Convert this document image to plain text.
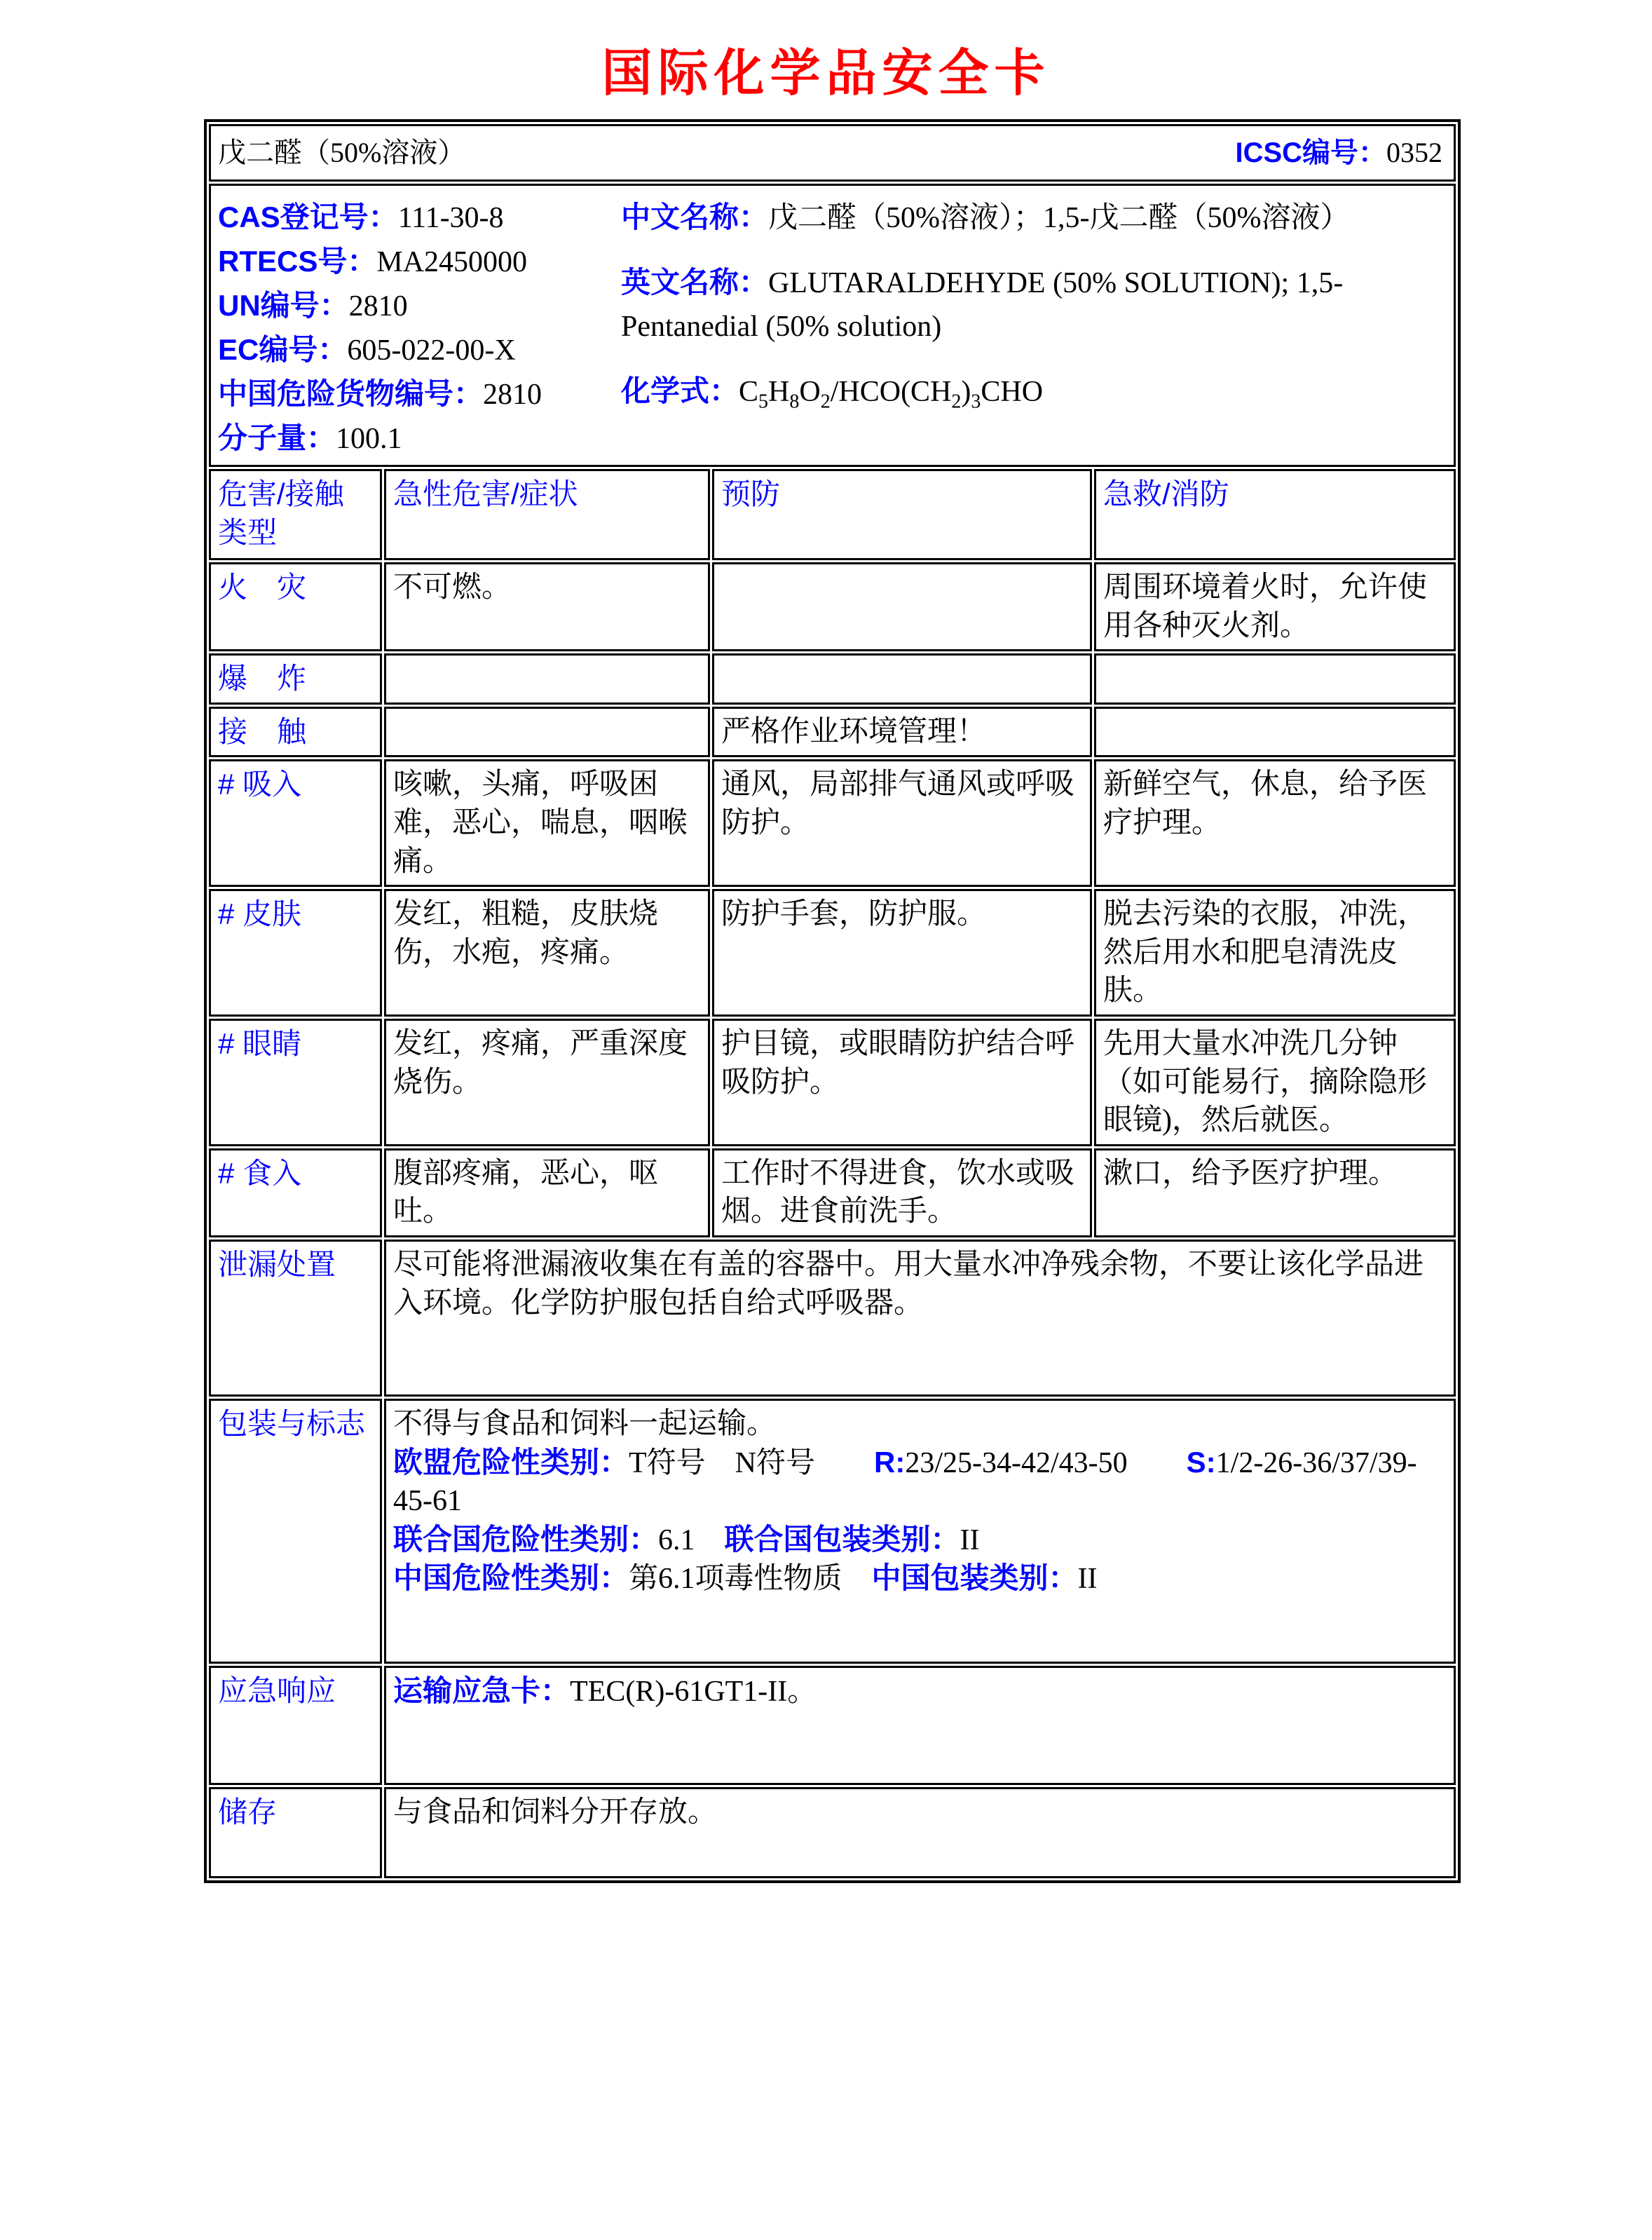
国际化学品安全卡
戊二醛（50%溶液） ICSC编号：0352			

CAS登记号：111-30-8
RTECS号：MA2450000
UN编号：2810
EC编号：605-022-00-X
中国危险货物编号：2810
分子量：100.1

中文名称：戊二醛（50%溶液）；1,5-戊二醛（50%溶液）

英文名称：GLUTARALDEHYDE (50% SOLUTION); 1,5-Pentanedial (50% solution)

化学式：$C_5H_8O_2/HCO(CH_2)_3CHO$

危害/接触类型	急性危害/症状	预防	急救/消防
火　灾	不可燃。		周围环境着火时，允许使用各种灭火剂。
爆　炸			
接　触		严格作业环境管理！	
# 吸入	咳嗽，头痛，呼吸困难，恶心，喘息，咽喉痛。	通风，局部排气通风或呼吸防护。	新鲜空气，休息，给予医疗护理。
# 皮肤	发红，粗糙，皮肤烧伤，水疱，疼痛。	防护手套，防护服。	脱去污染的衣服，冲洗，然后用水和肥皂清洗皮肤。
# 眼睛	发红，疼痛，严重深度烧伤。	护目镜，或眼睛防护结合呼吸防护。	先用大量水冲洗几分钟（如可能易行，摘除隐形眼镜)，然后就医。
# 食入	腹部疼痛，恶心，呕吐。	工作时不得进食，饮水或吸烟。进食前洗手。	漱口，给予医疗护理。
泄漏处置	尽可能将泄漏液收集在有盖的容器中。用大量水冲净残余物，不要让该化学品进入环境。化学防护服包括自给式呼吸器。		

包装与标志	不得与食品和饲料一起运输。

欧盟危险性类别：T符号　N符号　　R:23/25-34-42/43-50　　S:1/2-26-36/37/39-45-61

联合国危险性类别：6.1　联合国包装类别：II

中国危险性类别：第6.1项毒性物质　中国包装类别：II		

应急响应	运输应急卡：TEC(R)-61GT1-II。		

储存	与食品和饲料分开存放。		
